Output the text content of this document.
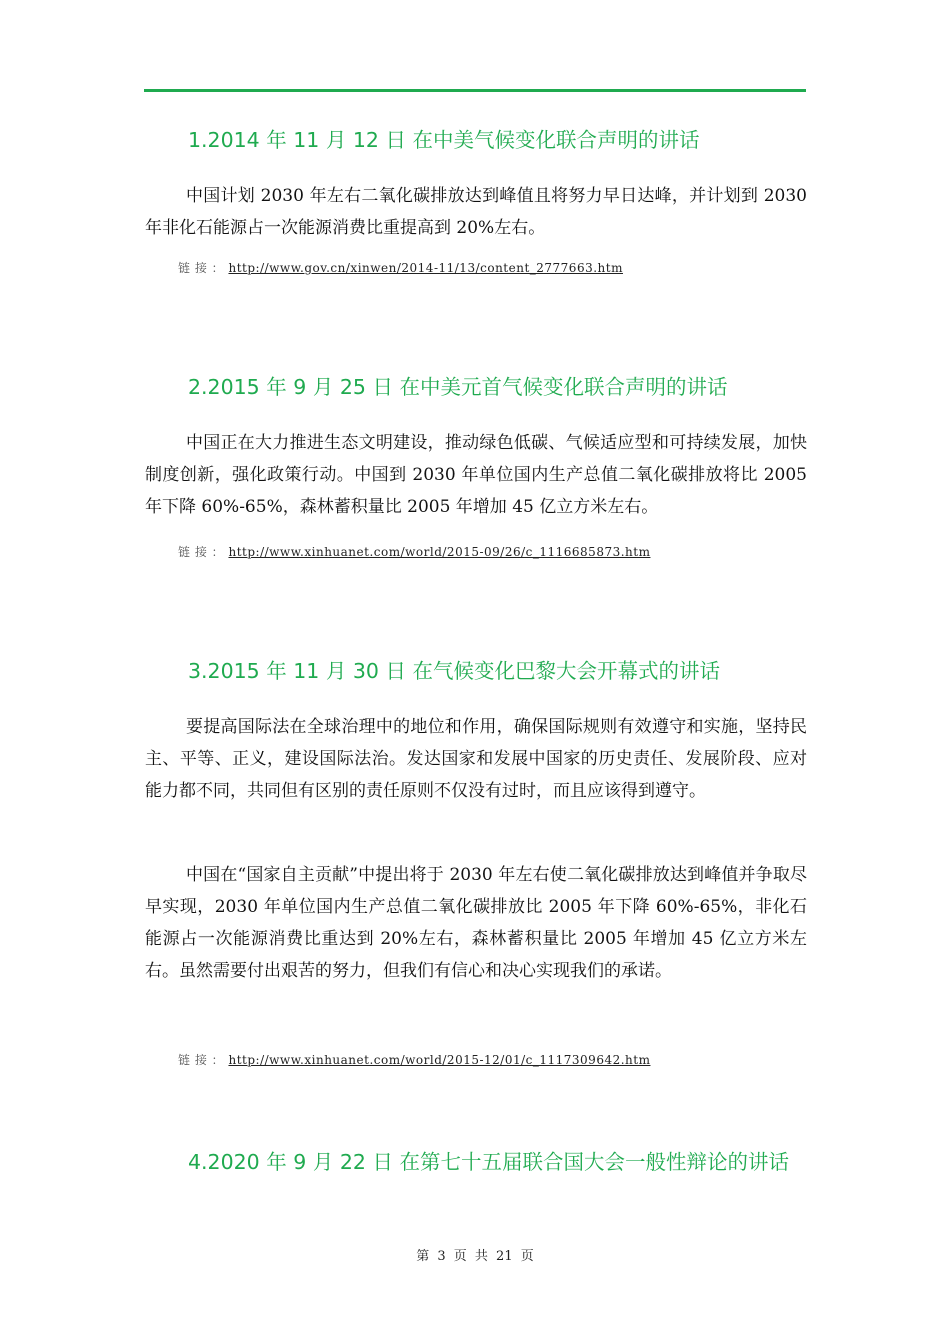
1.2014 年 11 月 12 日 在中美气候变化联合声明的讲话

中国计划 2030 年左右二氧化碳排放达到峰值且将努力早日达峰，并计划到 2030 年非化石能源占一次能源消费比重提高到 20%左右。

链 接 ： http://www.gov.cn/xinwen/2014-11/13/content_2777663.htm

2.2015 年 9 月 25 日 在中美元首气候变化联合声明的讲话

中国正在大力推进生态文明建设，推动绿色低碳、气候适应型和可持续发展，加快制度创新，强化政策行动。中国到 2030 年单位国内生产总值二氧化碳排放将比 2005 年下降 60%-65%，森林蓄积量比 2005 年增加 45 亿立方米左右。

链 接 ： http://www.xinhuanet.com/world/2015-09/26/c_1116685873.htm

3.2015 年 11 月 30 日 在气候变化巴黎大会开幕式的讲话

要提高国际法在全球治理中的地位和作用，确保国际规则有效遵守和实施，坚持民主、平等、正义，建设国际法治。发达国家和发展中国家的历史责任、发展阶段、应对能力都不同，共同但有区别的责任原则不仅没有过时，而且应该得到遵守。

中国在“国家自主贡献”中提出将于 2030 年左右使二氧化碳排放达到峰值并争取尽早实现，2030 年单位国内生产总值二氧化碳排放比 2005 年下降 60%-65%，非化石能源占一次能源消费比重达到 20%左右，森林蓄积量比 2005 年增加 45 亿立方米左右。虽然需要付出艰苦的努力，但我们有信心和决心实现我们的承诺。

链 接 ： http://www.xinhuanet.com/world/2015-12/01/c_1117309642.htm

4.2020 年 9 月 22 日 在第七十五届联合国大会一般性辩论的讲话

第 3 页 共 21 页
